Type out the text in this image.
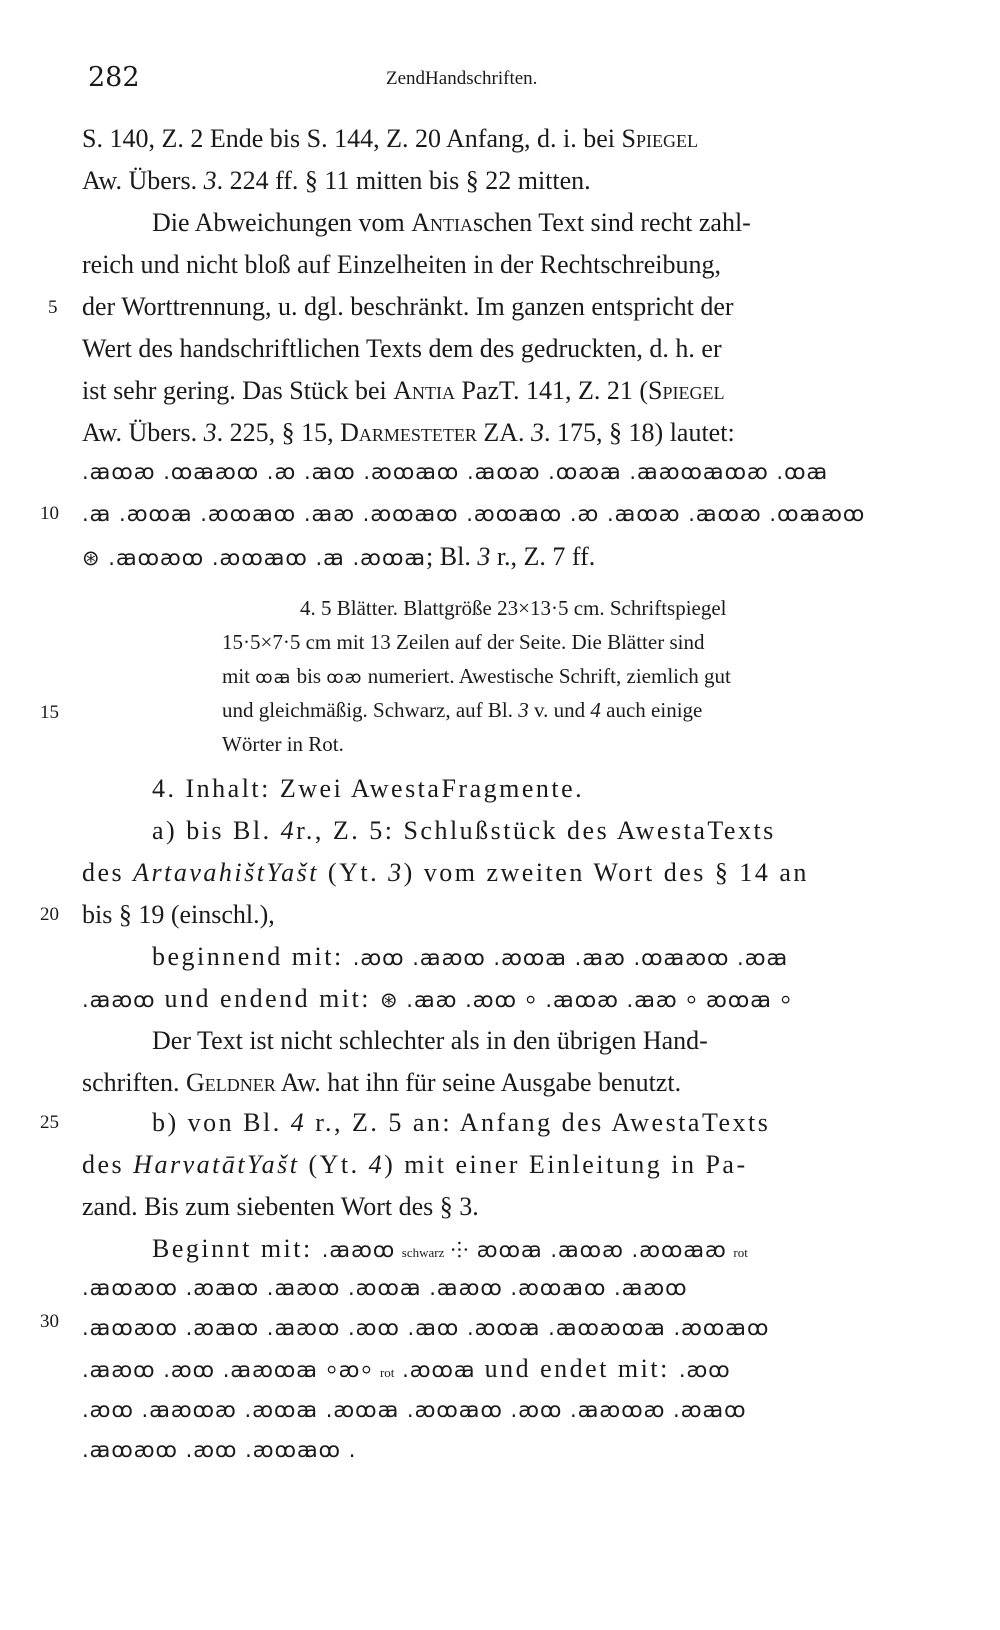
282	ZendHandschriften.
5
10
15
20
25
30
S. 140, Z. 2 Ende bis S. 144, Z. 20 Anfang, d. i. bei Spiegel
Aw. Übers. 3. 224 ff. § 11 mitten bis § 22 mitten.
Die Abweichungen vom Antiaschen Text sind recht zahl-
reich und nicht bloß auf Einzelheiten in der Rechtschreibung,
der Worttrennung, u. dgl. beschränkt. Im ganzen entspricht der
Wert des handschriftlichen Texts dem des gedruckten, d. h. er
ist sehr gering. Das Stück bei Antia PazT. 141, Z. 21 (Spiegel
Aw. Übers. 3. 225, § 15, Darmesteter ZA. 3. 175, § 18) lautet:
.ꜳꝏꜵ .ꝏꜳꜵꝏ .ꜵ .ꜳꝏ .ꜵꝏꜳꝏ .ꜳꝏꜵ .ꝏꜵꜳ .ꜳꜵꝏꜳꝏꜵ .ꝏꜳ
.ꜳ .ꜵꝏꜳ .ꜵꝏꜳꝏ .ꜳꜵ .ꜵꝏꜳꝏ .ꜵꝏꜳꝏ .ꜵ .ꜳꝏꜵ .ꜳꝏꜵ .ꝏꜳꜵꝏ
⊛ .ꜳꝏꜵꝏ .ꜵꝏꜳꝏ .ꜳ .ꜵꝏꜳ; Bl. 3 r., Z. 7 ff.
4. 5 Blätter. Blattgröße 23×13·5 cm. Schriftspiegel
15·5×7·5 cm mit 13 Zeilen auf der Seite. Die Blätter sind
mit ꝏꜳ bis ꝏꜵ numeriert. Awestische Schrift, ziemlich gut
und gleichmäßig. Schwarz, auf Bl. 3 v. und 4 auch einige
Wörter in Rot.
4. Inhalt: Zwei AwestaFragmente.
a) bis Bl. 4r., Z. 5: Schlußstück des AwestaTexts
des ArtavahištYašt (Yt. 3) vom zweiten Wort des § 14 an
bis § 19 (einschl.),
beginnend mit: .ꜵꝏ .ꜳꜵꝏ .ꜵꝏꜳ .ꜳꜵ .ꝏꜳꜵꝏ .ꜵꜳ
.ꜳꜵꝏ und endend mit: ⊛ .ꜳꜵ .ꜵꝏ ⸰ .ꜳꝏꜵ .ꜳꜵ ⸰ ꜵꝏꜳ ⸰
Der Text ist nicht schlechter als in den übrigen Hand-
schriften. Geldner Aw. hat ihn für seine Ausgabe benutzt.
b) von Bl. 4 r., Z. 5 an: Anfang des AwestaTexts
des HarvatātYašt (Yt. 4) mit einer Einleitung in Pa-
zand. Bis zum siebenten Wort des § 3.
Beginnt mit: .ꜳꜵꝏ schwarz ⸭ ꜵꝏꜳ .ꜳꝏꜵ .ꜵꝏꜳꜵ rot
.ꜳꝏꜵꝏ .ꜵꜳꝏ .ꜳꜵꝏ .ꜵꝏꜳ .ꜳꜵꝏ .ꜵꝏꜳꝏ .ꜳꜵꝏ
.ꜳꝏꜵꝏ .ꜵꜳꝏ .ꜳꜵꝏ .ꜵꝏ .ꜳꝏ .ꜵꝏꜳ .ꜳꝏꜵꝏꜳ .ꜵꝏꜳꝏ
.ꜳꜵꝏ .ꜵꝏ .ꜳꜵꝏꜳ ⸰ꜵ⸰ rot .ꜵꝏꜳ und endet mit: .ꜵꝏ
.ꜵꝏ .ꜳꜵꝏꜵ .ꜵꝏꜳ .ꜵꝏꜳ .ꜵꝏꜳꝏ .ꜵꝏ .ꜳꜵꝏꜵ .ꜵꜳꝏ
.ꜳꝏꜵꝏ .ꜵꝏ .ꜵꝏꜳꝏ .
